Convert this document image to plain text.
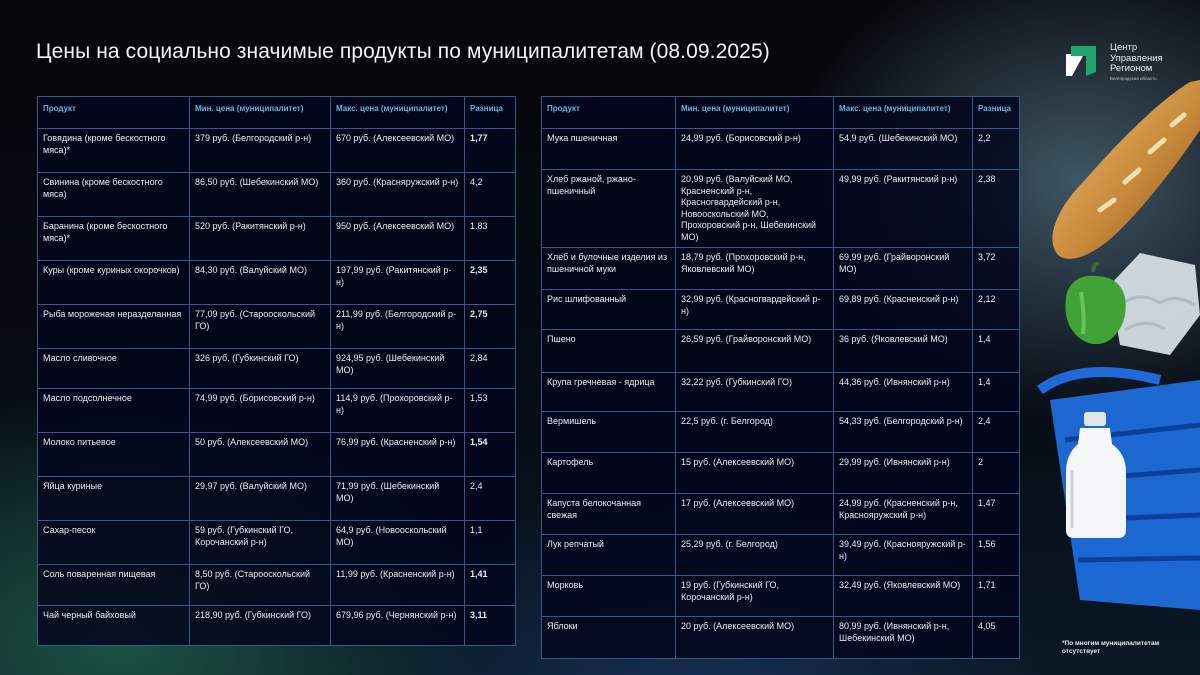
Цены на социально значимые продукты по муниципалитетам (08.09.2025)	Центр
Управления
Регионом
Белгородская область
Продукт	Мин. цена (муниципалитет)	Макс. цена (муниципалитет)	Разница
Говядина (кроме бескостного мяса)*	379 руб. (Белгородский р-н)	670 руб. (Алексеевский МО)	1,77
Свинина (кроме бескостного мяса)	86,50 руб. (Шебекинский МО)	360 руб. (Красняружский р-н)	4,2
Баранина (кроме бескостного мяса)*	520 руб. (Ракитянский р-н)	950 руб. (Алексеевский МО)	1.83
Куры (кроме куриных окорочков)	84,30 руб. (Валуйский МО)	197,99 руб. (Ракитянский р-н)	2,35
Рыба мороженая неразделанная	77,09 руб. (Старооскольский ГО)	211,99 руб. (Белгородский р-н)	2,75
Масло сливочное	326 руб. (Губкинский ГО)	924,95 руб. (Шебекинский МО)	2,84
Масло подсолнечное	74,99 руб. (Борисовский р-н)	114,9 руб. (Прохоровский р-н)	1,53
Молоко питьевое	50 руб. (Алексеевский МО)	76,99 руб. (Красненский р-н)	1,54
Яйца куриные	29,97 руб. (Валуйский МО)	71,99 руб. (Шебекинский МО)	2,4
Сахар-песок	59 руб. (Губкинский ГО, Корочанский р-н)	64,9 руб. (Новооскольский МО)	1,1
Соль поваренная пищевая	8,50 руб. (Старооскольский ГО)	11,99 руб. (Красненский р-н)	1,41
Чай черный байховый	218,90 руб. (Губкинский ГО)	679,96 руб. (Чернянский р-н)	3,11
Продукт	Мин. цена (муниципалитет)	Макс. цена (муниципалитет)	Разница
Мука пшеничная	24,99 руб. (Борисовский р-н)	54,9 руб. (Шебекинский МО)	2,2
Хлеб ржаной, ржано-пшеничный	20,99 руб. (Валуйский МО, Красненский р-н, Красногвардейский р-н, Новооскольский МО, Прохоровский р-н, Шебекинский МО)	49,99 руб. (Ракитянский р-н)	2,38
Хлеб и булочные изделия из пшеничной муки	18,79 руб. (Прохоровский р-н, Яковлевский МО)	69,99 руб. (Грайворонский МО)	3,72
Рис шлифованный	32,99 руб. (Красногвардейский р-н)	69,89 руб. (Красненский р-н)	2,12
Пшено	26,59 руб. (Грайворонский МО)	36 руб. (Яковлевский МО)	1,4
Крупа гречневая - ядрица	32,22 руб. (Губкинский ГО)	44,36 руб. (Ивнянский р-н)	1,4
Вермишель	22,5 руб. (г. Белгород)	54,33 руб. (Белгородский р-н)	2,4
Картофель	15 руб. (Алексеевский МО)	29,99 руб. (Ивнянский р-н)	2
Капуста белокочанная свежая	17 руб. (Алексеевский МО)	24,99 руб. (Красненский р-н, Краснояружский р-н)	1,47
Лук репчатый	25,29 руб. (г. Белгород)	39,49 руб. (Краснояружский р-н)	1,56
Морковь	19 руб. (Губкинский ГО, Корочанский р-н)	32,49 руб. (Яковлевский МО)	1,71
Яблоки	20 руб. (Алексеевский МО)	80,99 руб. (Ивнянский р-н, Шебекинский МО)	4,05
*По многим муниципалитетам отсутствует
